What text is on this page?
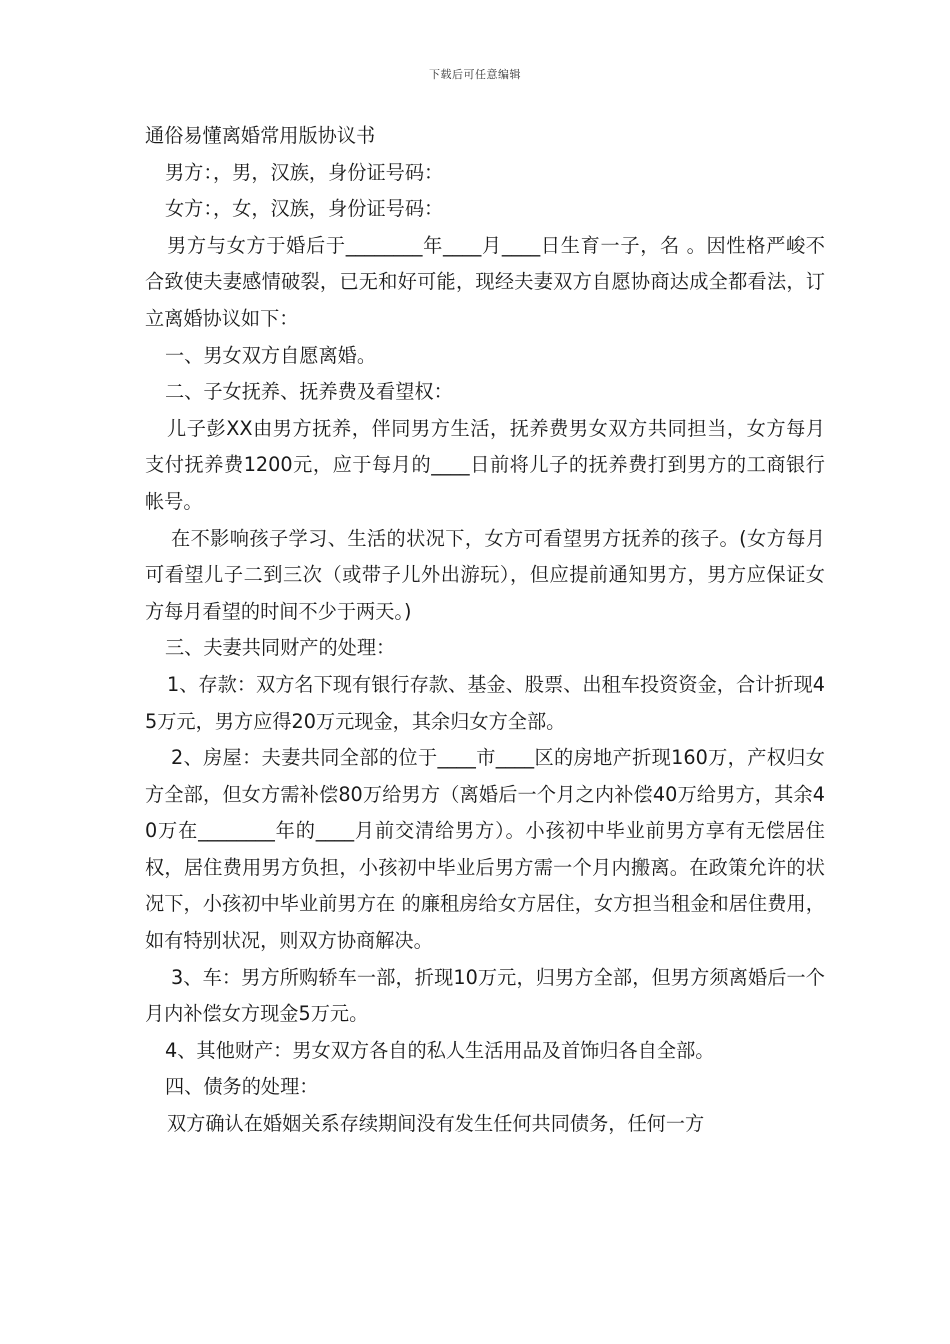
下载后可任意编辑
通俗易懂离婚常用版协议书

男方：，男，汉族，身份证号码：

女方：，女，汉族，身份证号码：

男方与女方于婚后于________年____月____日生育一子，名 。因性格严峻不合致使夫妻感情破裂，已无和好可能，现经夫妻双方自愿协商达成全都看法，订立离婚协议如下：

一、男女双方自愿离婚。

二、子女抚养、抚养费及看望权：

儿子彭XX由男方抚养，伴同男方生活，抚养费男女双方共同担当，女方每月支付抚养费1200元，应于每月的____日前将儿子的抚养费打到男方的工商银行帐号。

在不影响孩子学习、生活的状况下，女方可看望男方抚养的孩子。(女方每月可看望儿子二到三次（或带子儿外出游玩），但应提前通知男方，男方应保证女方每月看望的时间不少于两天。)

三、夫妻共同财产的处理：

1、存款：双方名下现有银行存款、基金、股票、出租车投资资金，合计折现45万元，男方应得20万元现金，其余归女方全部。

2、房屋：夫妻共同全部的位于____市____区的房地产折现160万，产权归女方全部，但女方需补偿80万给男方（离婚后一个月之内补偿40万给男方，其余40万在________年的____月前交清给男方）。小孩初中毕业前男方享有无偿居住权，居住费用男方负担，小孩初中毕业后男方需一个月内搬离。在政策允许的状况下，小孩初中毕业前男方在 的廉租房给女方居住，女方担当租金和居住费用，如有特别状况，则双方协商解决。

3、车：男方所购轿车一部，折现10万元，归男方全部，但男方须离婚后一个月内补偿女方现金5万元。

4、其他财产：男女双方各自的私人生活用品及首饰归各自全部。

四、债务的处理：

双方确认在婚姻关系存续期间没有发生任何共同债务，任何一方
